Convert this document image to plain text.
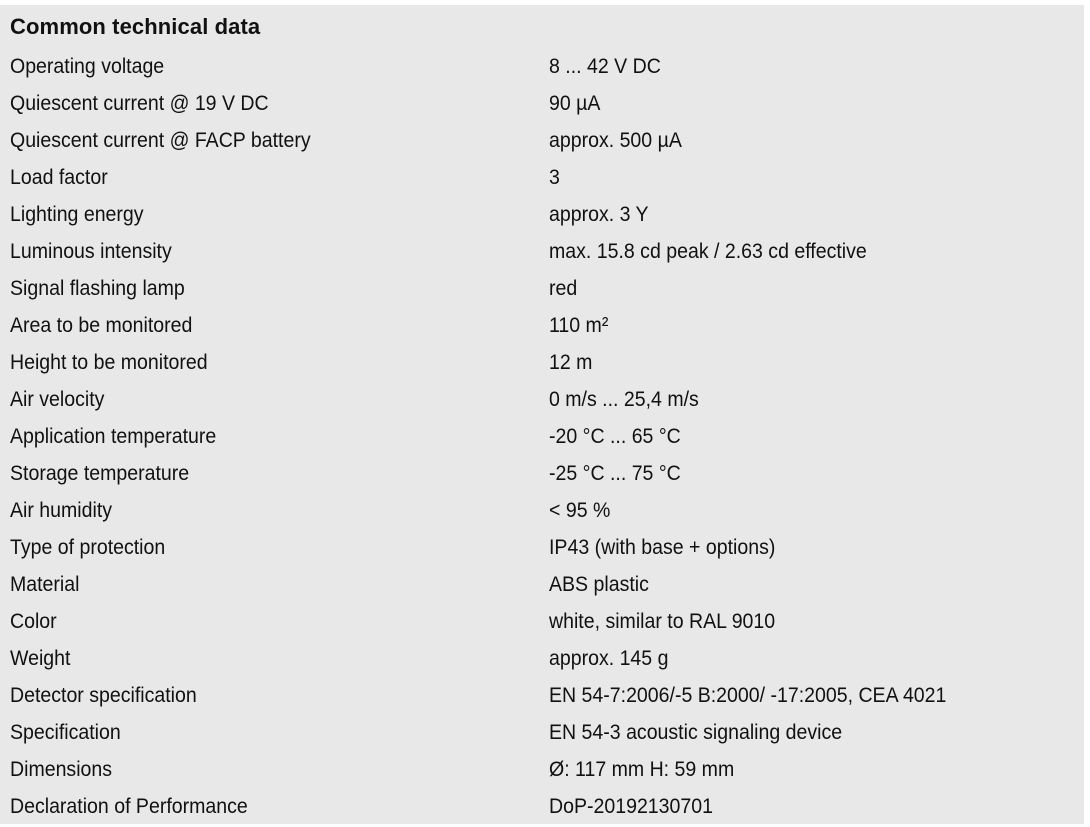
Common technical data
Operating voltage	8 ... 42 V DC
Quiescent current @ 19 V DC	90 µA
Quiescent current @ FACP battery	approx. 500 µA
Load factor	3
Lighting energy	approx. 3 Y
Luminous intensity	max. 15.8 cd peak / 2.63 cd effective
Signal flashing lamp	red
Area to be monitored	110 m²
Height to be monitored	12 m
Air velocity	0 m/s ... 25,4 m/s
Application temperature	-20 °C ... 65 °C
Storage temperature	-25 °C ... 75 °C
Air humidity	< 95 %
Type of protection	IP43 (with base + options)
Material	ABS plastic
Color	white, similar to RAL 9010
Weight	approx. 145 g
Detector specification	EN 54-7:2006/-5 B:2000/ -17:2005, CEA 4021
Specification	EN 54-3 acoustic signaling device
Dimensions	Ø: 117 mm H: 59 mm
Declaration of Performance	DoP-20192130701
